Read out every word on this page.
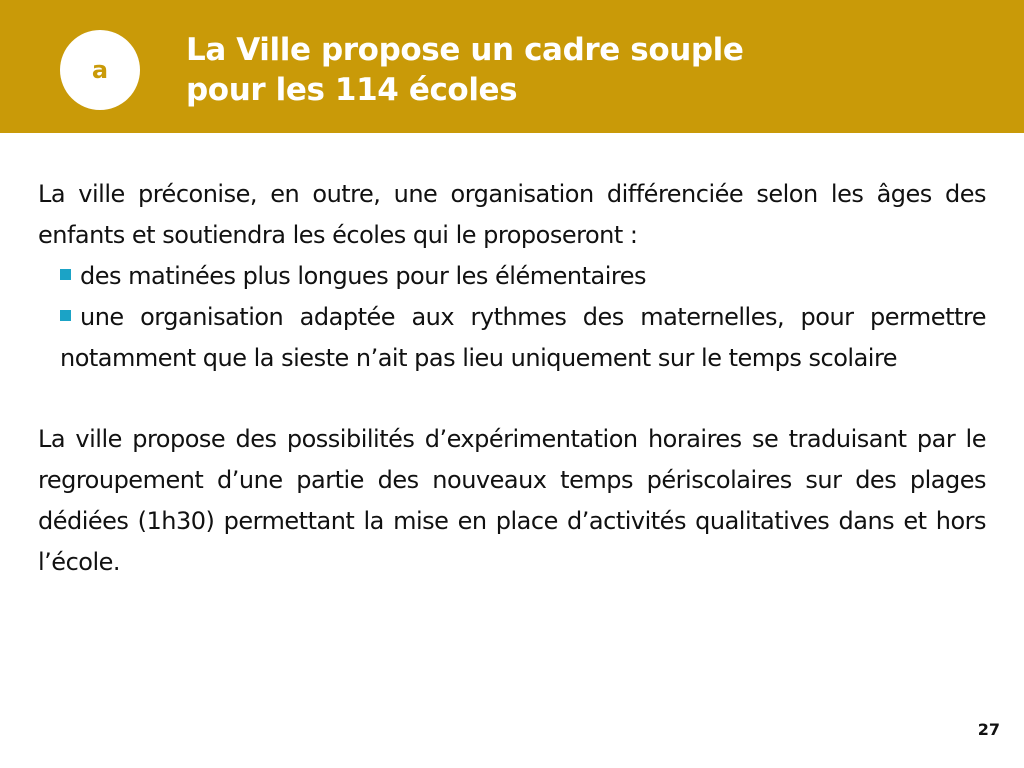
a
La Ville propose un cadre souple
pour les 114 écoles

La ville préconise, en outre, une organisation différenciée selon les âges des enfants et soutiendra les écoles qui le proposeront :

des matinées plus longues pour les élémentaires
une organisation adaptée aux rythmes des maternelles, pour permettre notamment que la sieste n’ait pas lieu uniquement sur le temps scolaire

La ville propose des possibilités d’expérimentation horaires se traduisant par le regroupement d’une partie des nouveaux temps périscolaires sur des plages dédiées (1h30) permettant la mise en place d’activités qualitatives dans et hors l’école.

27
